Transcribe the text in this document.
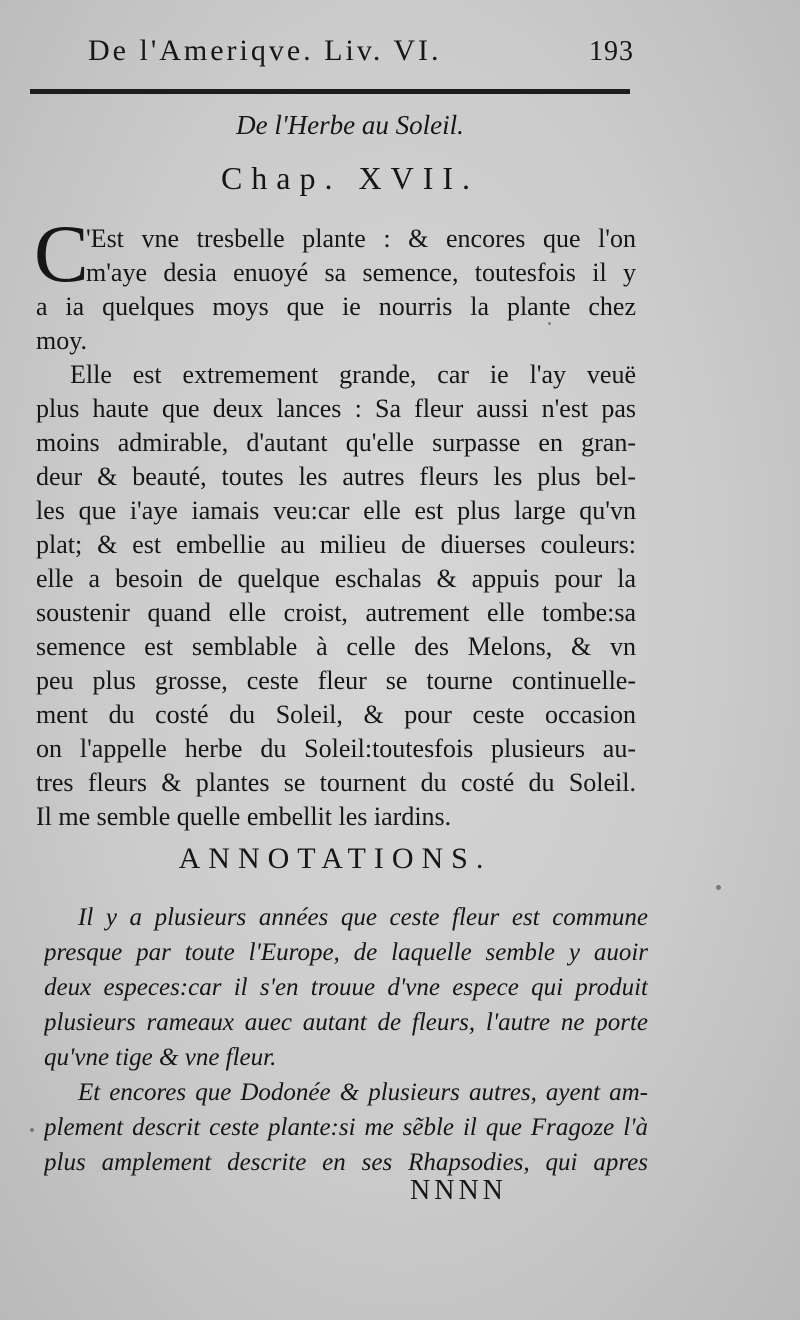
De l'Ameriqve. Liv. VI.	193
De l'Herbe au Soleil.
Chap. XVII.
C
'Est vne tresbelle plante : & encores que l'on
m'aye desia enuoyé sa semence, toutesfois il y
a ia quelques moys que ie nourris la plante chez
moy.
Elle est extremement grande, car ie l'ay veuë
plus haute que deux lances : Sa fleur aussi n'est pas
moins admirable, d'autant qu'elle surpasse en gran-
deur & beauté, toutes les autres fleurs les plus bel-
les que i'aye iamais veu:car elle est plus large qu'vn
plat; & est embellie au milieu de diuerses couleurs:
elle a besoin de quelque eschalas & appuis pour la
soustenir quand elle croist, autrement elle tombe:sa
semence est semblable à celle des Melons, & vn
peu plus grosse, ceste fleur se tourne continuelle-
ment du costé du Soleil, & pour ceste occasion
on l'appelle herbe du Soleil:toutesfois plusieurs au-
tres fleurs & plantes se tournent du costé du Soleil.
Il me semble quelle embellit les iardins.
ANNOTATIONS.
Il y a plusieurs années que ceste fleur est commune
presque par toute l'Europe, de laquelle semble y auoir
deux especes:car il s'en trouue d'vne espece qui produit
plusieurs rameaux auec autant de fleurs, l'autre ne porte
qu'vne tige & vne fleur.
Et encores que Dodonée & plusieurs autres, ayent am-
plement descrit ceste plante:si me sẽble il que Fragoze l'à
plus amplement descrite en ses Rhapsodies, qui apres
NNNN
